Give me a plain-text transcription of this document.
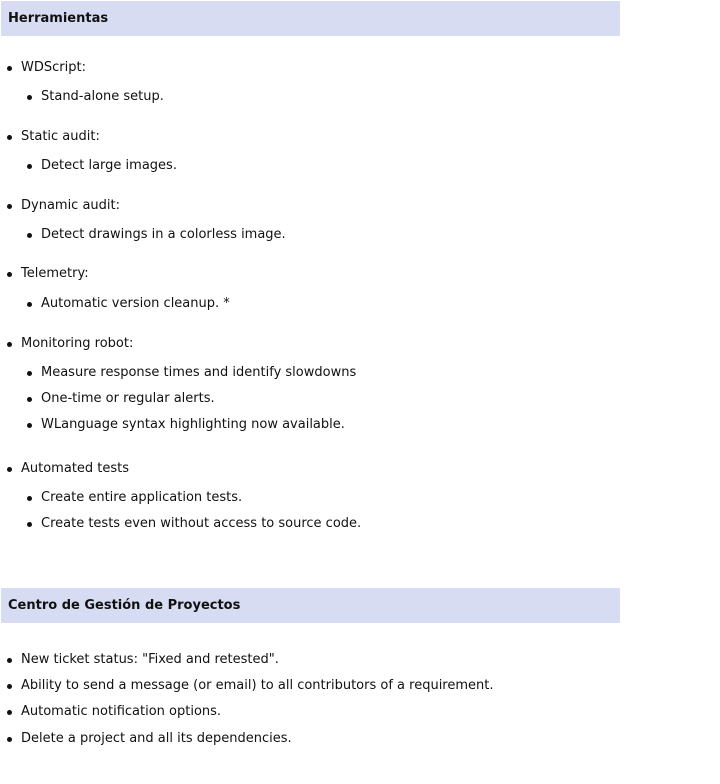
Herramientas
WDScript:
Stand-alone setup.
Static audit:
Detect large images.
Dynamic audit:
Detect drawings in a colorless image.
Telemetry:
Automatic version cleanup. *
Monitoring robot:
Measure response times and identify slowdowns
One-time or regular alerts.
WLanguage syntax highlighting now available.
Automated tests
Create entire application tests.
Create tests even without access to source code.
Centro de Gestión de Proyectos
New ticket status: "Fixed and retested".
Ability to send a message (or email) to all contributors of a requirement.
Automatic notification options.
Delete a project and all its dependencies.
